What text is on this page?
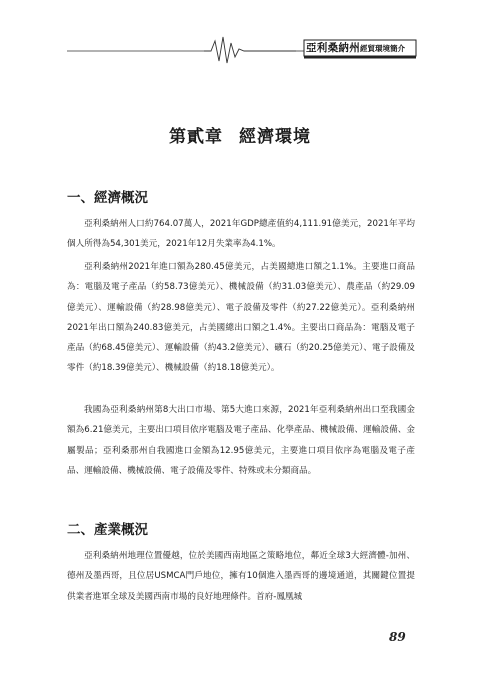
亞利桑納州經貿環境簡介
第貳章 經濟環境
一、經濟概況

亞利桑納州人口約764.07萬人，2021年GDP總產值約4,111.91億美元，2021年平均個人所得為54,301美元，2021年12月失業率為4.1%。

亞利桑納州2021年進口額為280.45億美元，占美國總進口額之1.1%。主要進口商品為：電腦及電子產品（約58.73億美元）、機械設備（約31.03億美元）、農產品（約29.09億美元）、運輸設備（約28.98億美元）、電子設備及零件（約27.22億美元）。亞利桑納州2021年出口額為240.83億美元，占美國總出口額之1.4%。主要出口商品為：電腦及電子產品（約68.45億美元）、運輸設備（約43.2億美元）、礦石（約20.25億美元）、電子設備及零件（約18.39億美元）、機械設備（約18.18億美元）。

我國為亞利桑納州第8大出口市場、第5大進口來源，2021年亞利桑納州出口至我國金額為6.21億美元，主要出口項目依序電腦及電子產品、化學產品、機械設備、運輸設備、金屬製品；亞利桑那州自我國進口金額為12.95億美元，主要進口項目依序為電腦及電子產品、運輸設備、機械設備、電子設備及零件、特殊或未分類商品。

二、產業概況

亞利桑納州地理位置優越，位於美國西南地區之策略地位，鄰近全球3大經濟體-加州、德州及墨西哥，且位居USMCA門戶地位，擁有10個進入墨西哥的邊境通道，其關鍵位置提供業者進軍全球及美國西南市場的良好地理條件。首府-鳳凰城

89
